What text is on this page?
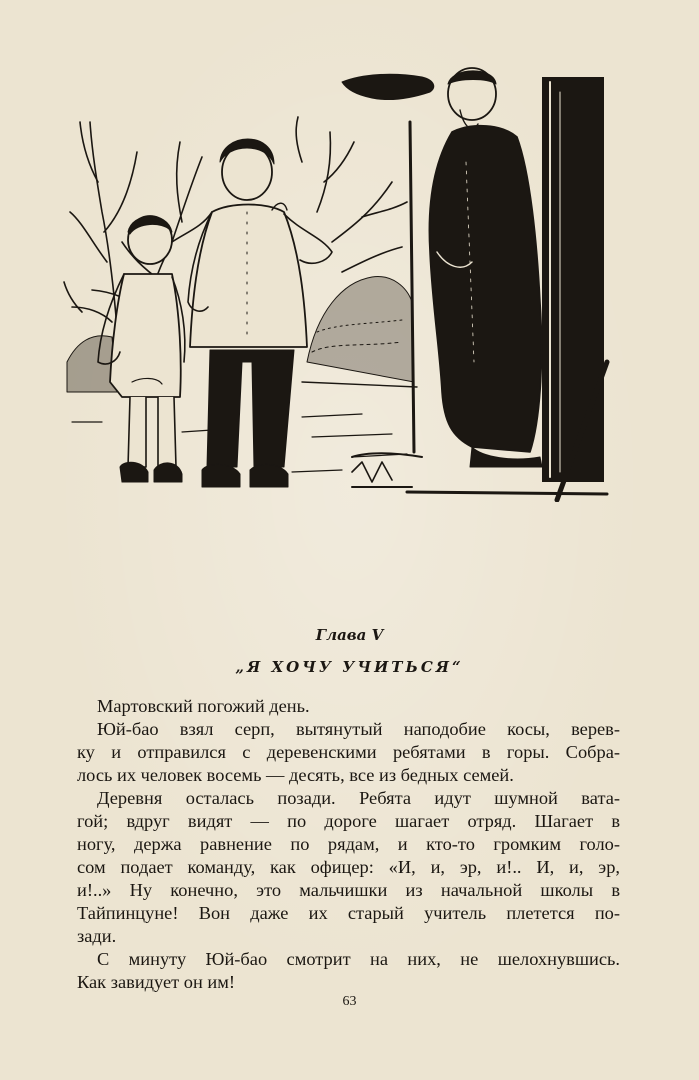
Глава V
„Я ХОЧУ УЧИТЬСЯ“
Мартовский погожий день.
Юй-бао взял серп, вытянутый наподобие косы, верев-
ку и отправился с деревенскими ребятами в горы. Собра-
лось их человек восемь — десять, все из бедных семей.
Деревня осталась позади. Ребята идут шумной вата-
гой; вдруг видят — по дороге шагает отряд. Шагает в
ногу, держа равнение по рядам, и кто-то громким голо-
сом подает команду, как офицер: «И, и, эр, и!.. И, и, эр,
и!..» Ну конечно, это мальчишки из начальной школы в
Тайпинцуне! Вон даже их старый учитель плетется по-
зади.
С минуту Юй-бао смотрит на них, не шелохнувшись.
Как завидует он им!
63
